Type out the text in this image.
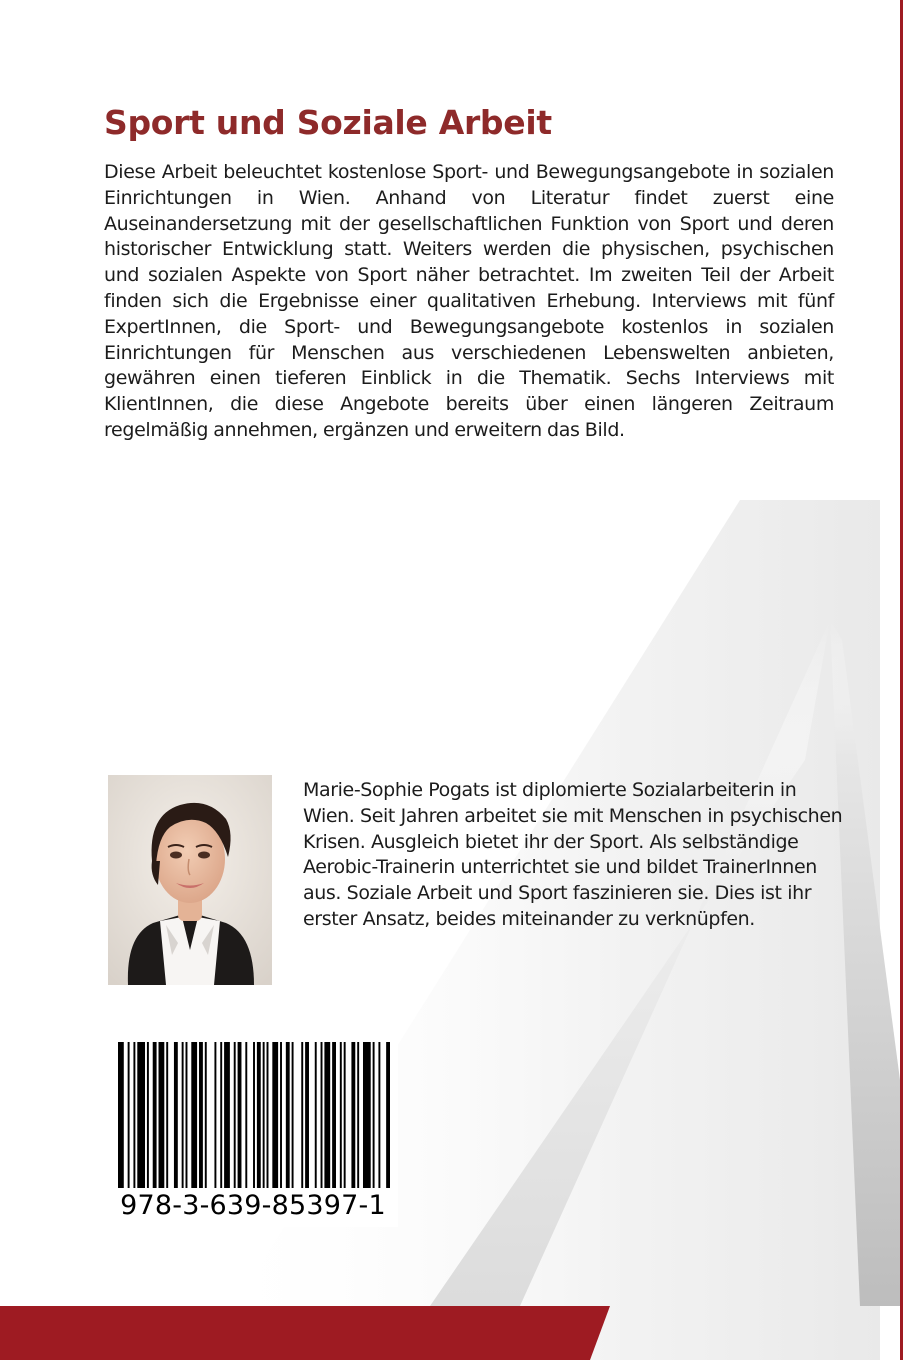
Sport und Soziale Arbeit

Diese Arbeit beleuchtet kostenlose Sport- und Bewegungsangebote in sozialen Einrichtungen in Wien. Anhand von Literatur findet zuerst eine Auseinandersetzung mit der gesellschaftlichen Funktion von Sport und deren historischer Entwicklung statt. Weiters werden die physischen, psychischen und sozialen Aspekte von Sport näher betrachtet. Im zweiten Teil der Arbeit finden sich die Ergebnisse einer qualitativen Erhebung. Interviews mit fünf ExpertInnen, die Sport- und Bewegungsangebote kostenlos in sozialen Einrichtungen für Menschen aus verschiedenen Lebenswelten anbieten, gewähren einen tieferen Einblick in die Thematik. Sechs Interviews mit KlientInnen, die diese Angebote bereits über einen längeren Zeitraum regelmäßig annehmen, ergänzen und erweitern das Bild.

Marie-Sophie Pogats ist diplomierte Sozialarbeiterin in Wien. Seit Jahren arbeitet sie mit Menschen in psychischen Krisen. Ausgleich bietet ihr der Sport. Als selbständige Aerobic-Trainerin unterrichtet sie und bildet TrainerInnen aus. Soziale Arbeit und Sport faszinieren sie. Dies ist ihr erster Ansatz, beides miteinander zu verknüpfen.

978-3-639-85397-1
